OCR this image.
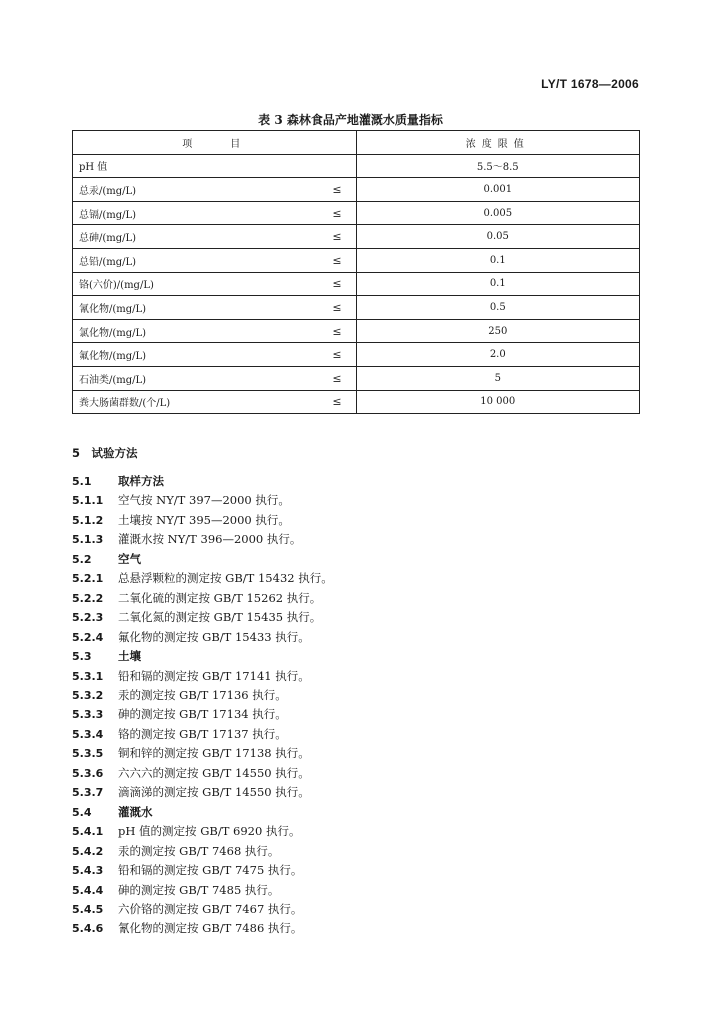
LY/T 1678—2006
表 3 森林食品产地灌溉水质量指标
项　　目	浓度限值

pH 值	5.5～8.5

总汞/(mg/L) ≤	0.001

总镉/(mg/L) ≤	0.005

总砷/(mg/L) ≤	0.05

总铅/(mg/L) ≤	0.1

铬(六价)/(mg/L) ≤	0.1

氰化物/(mg/L) ≤	0.5

氯化物/(mg/L) ≤	250

氟化物/(mg/L) ≤	2.0

石油类/(mg/L) ≤	5

粪大肠菌群数/(个/L) ≤	10 000
5　试验方法
5.1 取样方法
5.1.1 空气按 NY/T 397—2000 执行。
5.1.2 土壤按 NY/T 395—2000 执行。
5.1.3 灌溉水按 NY/T 396—2000 执行。
5.2 空气
5.2.1 总悬浮颗粒的测定按 GB/T 15432 执行。
5.2.2 二氧化硫的测定按 GB/T 15262 执行。
5.2.3 二氧化氮的测定按 GB/T 15435 执行。
5.2.4 氟化物的测定按 GB/T 15433 执行。
5.3 土壤
5.3.1 铅和镉的测定按 GB/T 17141 执行。
5.3.2 汞的测定按 GB/T 17136 执行。
5.3.3 砷的测定按 GB/T 17134 执行。
5.3.4 铬的测定按 GB/T 17137 执行。
5.3.5 铜和锌的测定按 GB/T 17138 执行。
5.3.6 六六六的测定按 GB/T 14550 执行。
5.3.7 滴滴涕的测定按 GB/T 14550 执行。
5.4 灌溉水
5.4.1 pH 值的测定按 GB/T 6920 执行。
5.4.2 汞的测定按 GB/T 7468 执行。
5.4.3 铅和镉的测定按 GB/T 7475 执行。
5.4.4 砷的测定按 GB/T 7485 执行。
5.4.5 六价铬的测定按 GB/T 7467 执行。
5.4.6 氰化物的测定按 GB/T 7486 执行。
